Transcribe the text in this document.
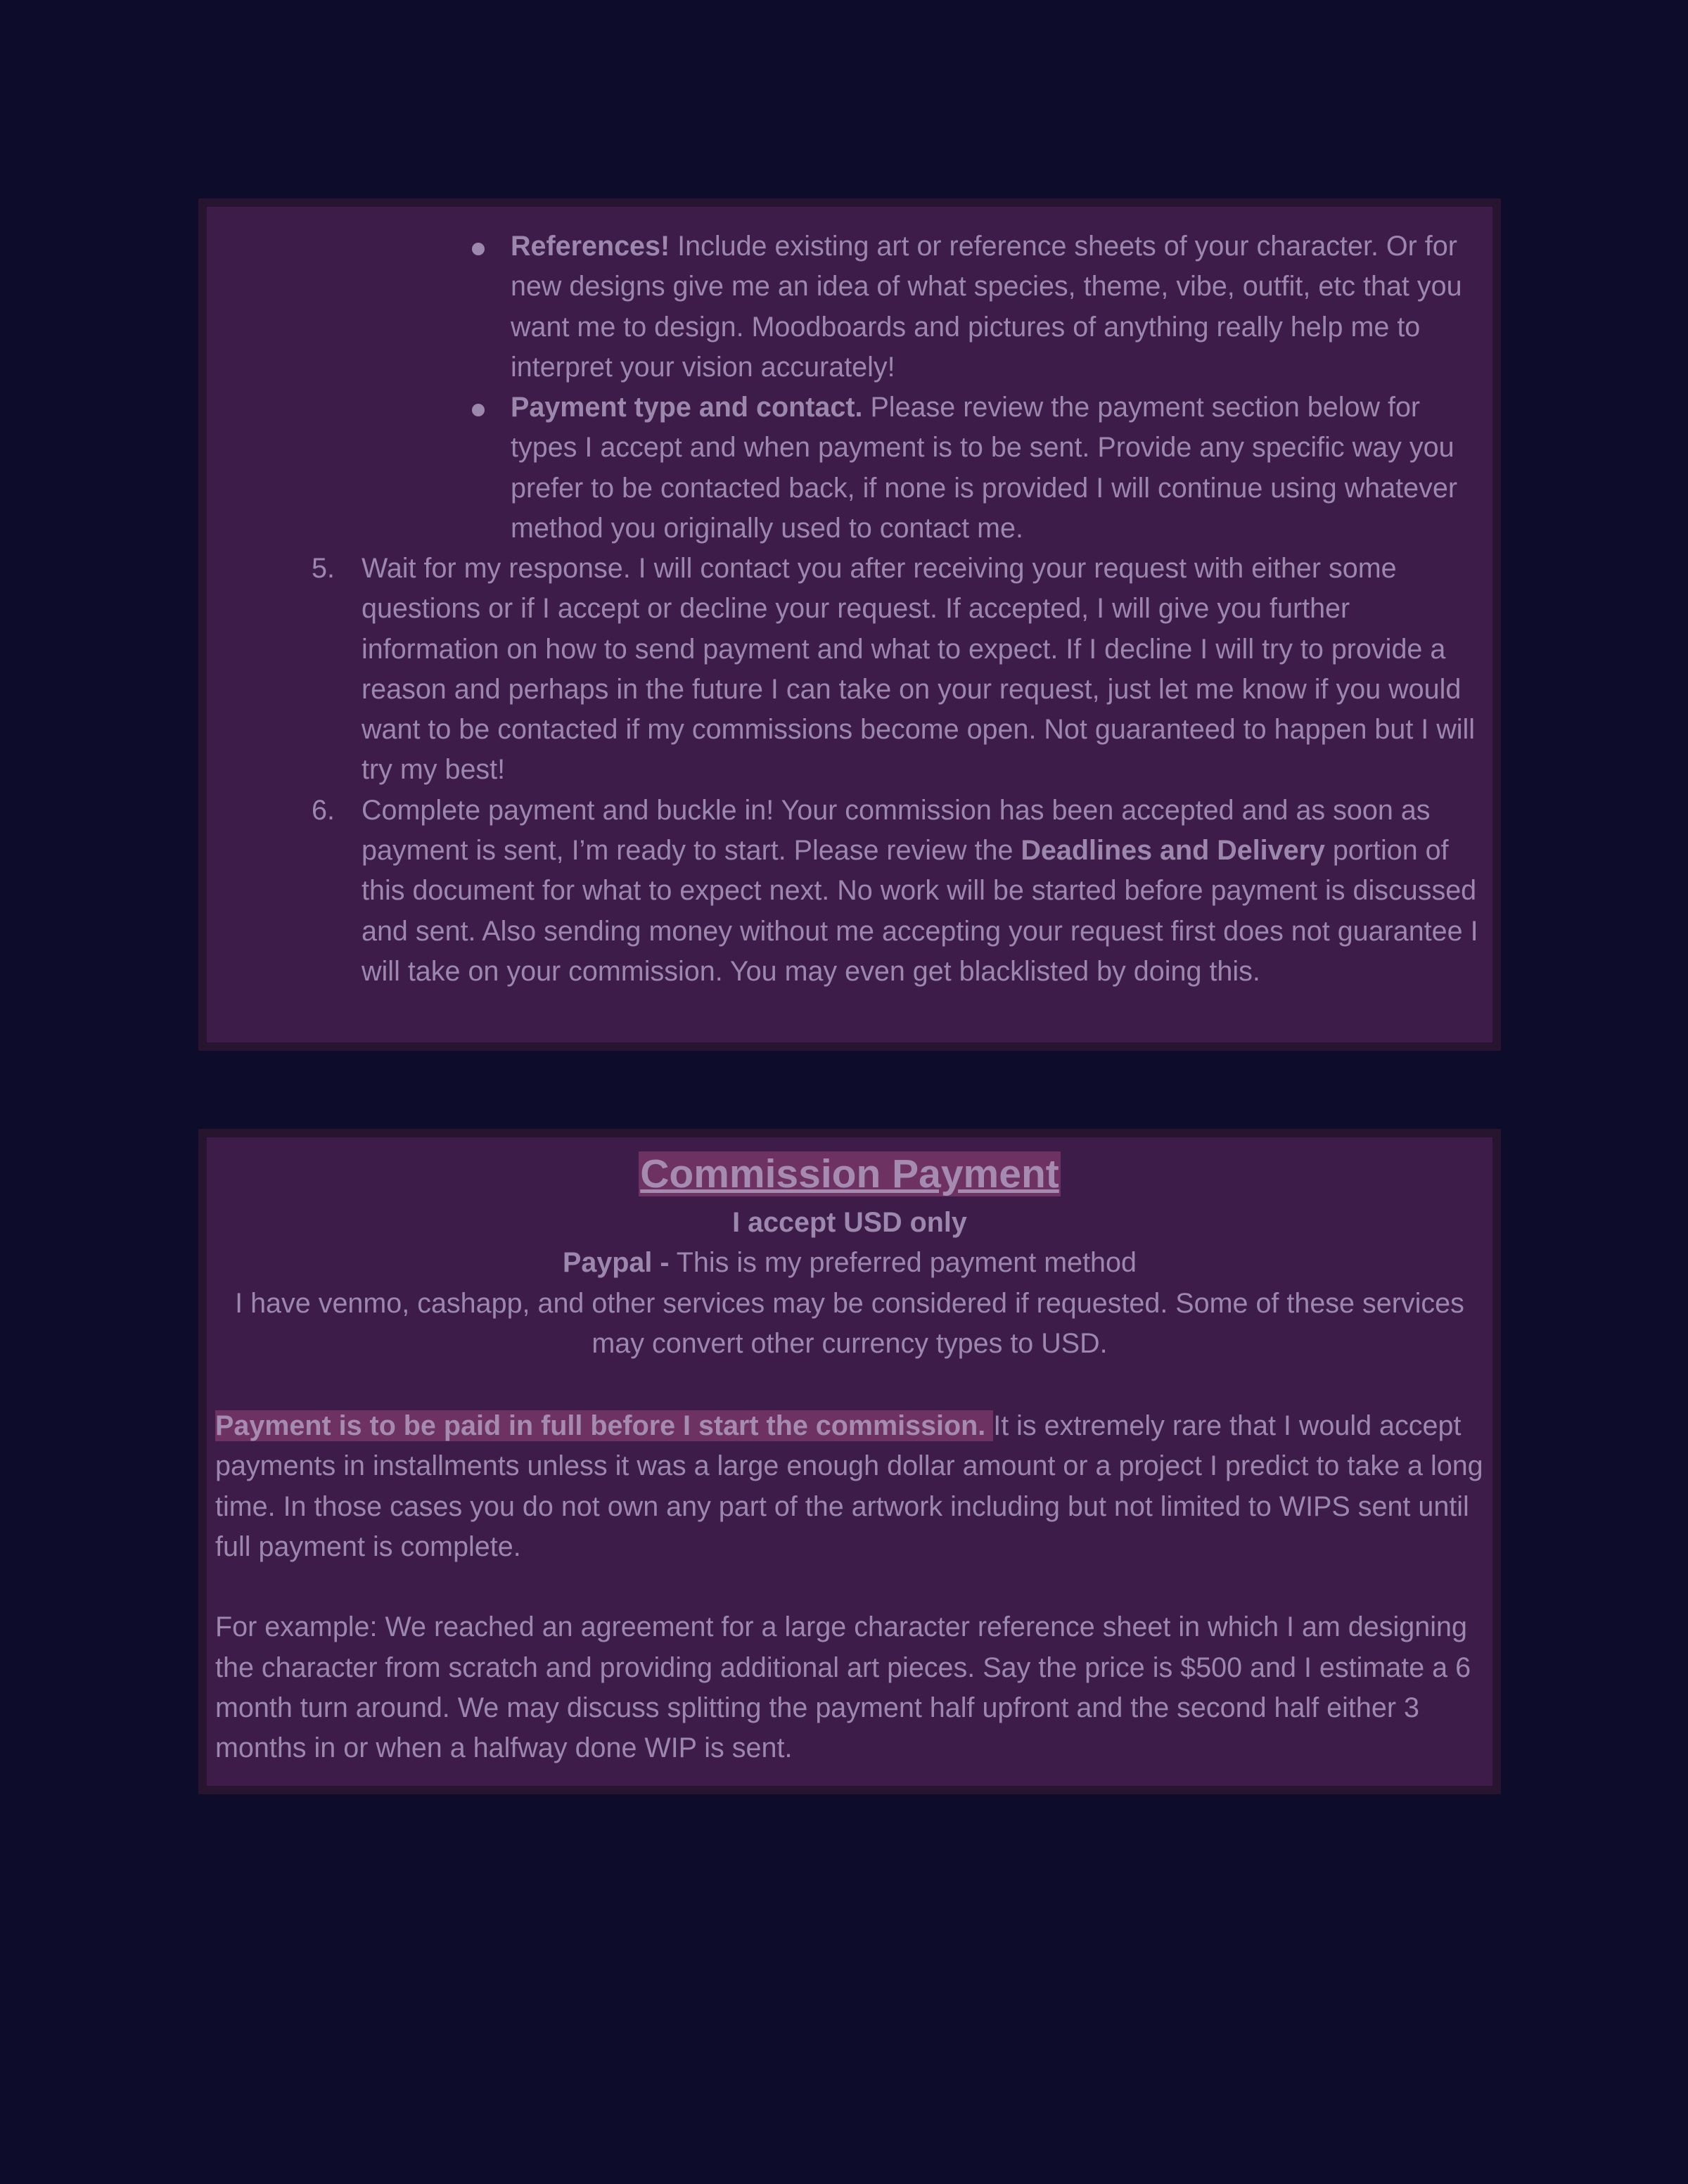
References! Include existing art or reference sheets of your character. Or for new designs give me an idea of what species, theme, vibe, outfit, etc that you want me to design. Moodboards and pictures of anything really help me to interpret your vision accurately!
Payment type and contact. Please review the payment section below for types I accept and when payment is to be sent. Provide any specific way you prefer to be contacted back, if none is provided I will continue using whatever method you originally used to contact me.
5. Wait for my response. I will contact you after receiving your request with either some questions or if I accept or decline your request. If accepted, I will give you further information on how to send payment and what to expect. If I decline I will try to provide a reason and perhaps in the future I can take on your request, just let me know if you would want to be contacted if my commissions become open. Not guaranteed to happen but I will try my best!
6. Complete payment and buckle in! Your commission has been accepted and as soon as payment is sent, I’m ready to start. Please review the Deadlines and Delivery portion of this document for what to expect next. No work will be started before payment is discussed and sent. Also sending money without me accepting your request first does not guarantee I will take on your commission. You may even get blacklisted by doing this.
Commission Payment
I accept USD only
Paypal - This is my preferred payment method
I have venmo, cashapp, and other services may be considered if requested. Some of these services may convert other currency types to USD.
Payment is to be paid in full before I start the commission. It is extremely rare that I would accept payments in installments unless it was a large enough dollar amount or a project I predict to take a long time. In those cases you do not own any part of the artwork including but not limited to WIPS sent until full payment is complete.
For example: We reached an agreement for a large character reference sheet in which I am designing the character from scratch and providing additional art pieces. Say the price is $500 and I estimate a 6 month turn around. We may discuss splitting the payment half upfront and the second half either 3 months in or when a halfway done WIP is sent.
